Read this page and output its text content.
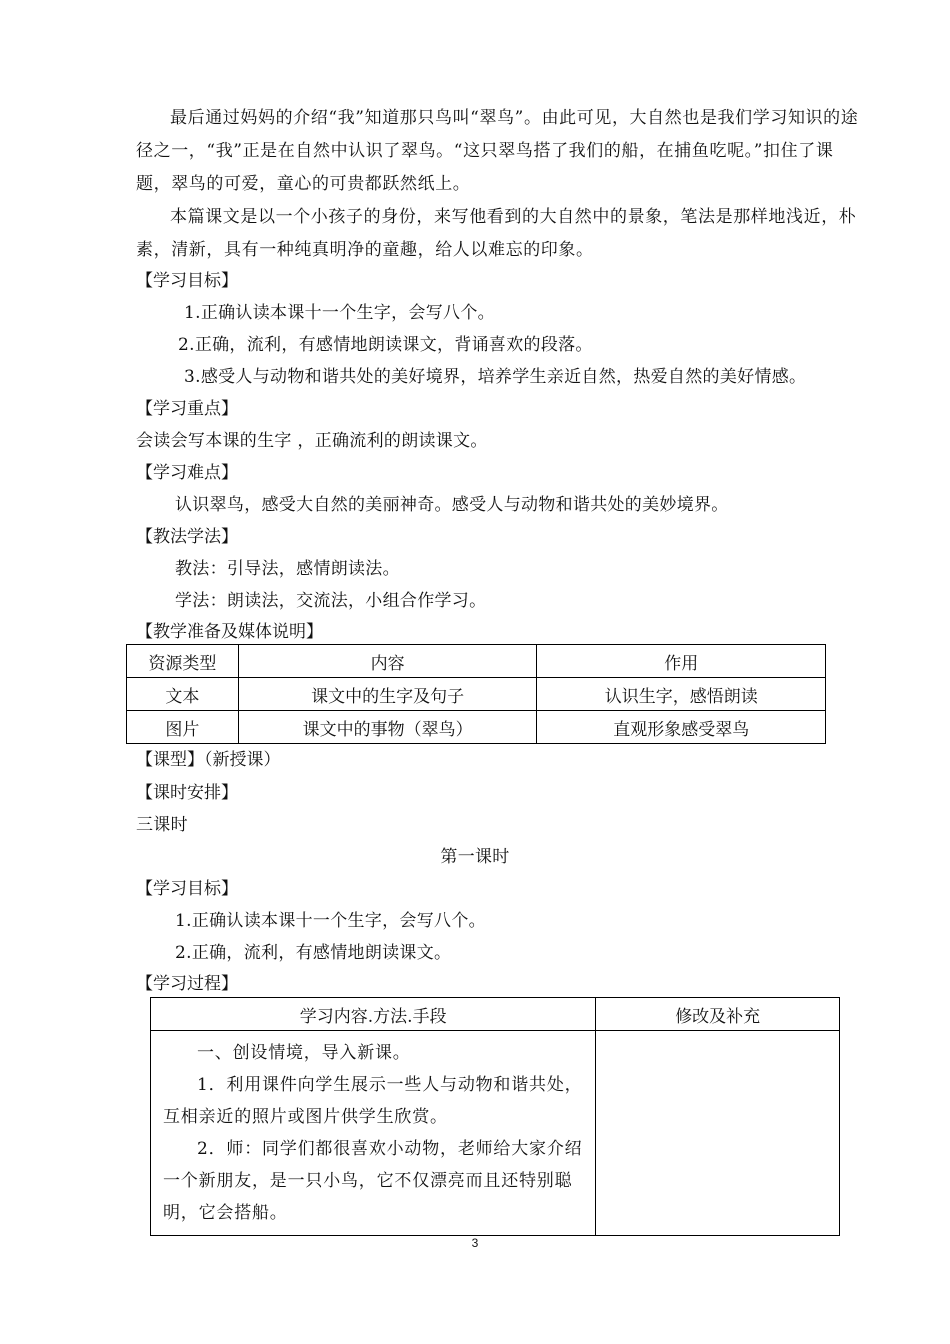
最后通过妈妈的介绍“我”知道那只鸟叫“翠鸟”。由此可见，大自然也是我们学习知识的途径之一，“我”正是在自然中认识了翠鸟。“这只翠鸟搭了我们的船，在捕鱼吃呢。”扣住了课题，翠鸟的可爱，童心的可贵都跃然纸上。
本篇课文是以一个小孩子的身份，来写他看到的大自然中的景象，笔法是那样地浅近，朴素，清新，具有一种纯真明净的童趣，给人以难忘的印象。
【学习目标】
1.正确认读本课十一个生字，会写八个。
2.正确，流利，有感情地朗读课文，背诵喜欢的段落。
3.感受人与动物和谐共处的美好境界，培养学生亲近自然，热爱自然的美好情感。
【学习重点】
会读会写本课的生字 ，正确流利的朗读课文。
【学习难点】
认识翠鸟，感受大自然的美丽神奇。感受人与动物和谐共处的美妙境界。
【教法学法】
教法：引导法，感情朗读法。
学法：朗读法，交流法，小组合作学习。
【教学准备及媒体说明】
资源类型	内容	作用
文本	课文中的生字及句子	认识生字，感悟朗读
图片	课文中的事物（翠鸟）	直观形象感受翠鸟
【课型】（新授课）
【课时安排】
三课时
第一课时
【学习目标】
1.正确认读本课十一个生字，会写八个。
2.正确，流利，有感情地朗读课文。
【学习过程】
学习内容.方法.手段	修改及补充

一、创设情境，导入新课。

1．利用课件向学生展示一些人与动物和谐共处，互相亲近的照片或图片供学生欣赏。

2．师：同学们都很喜欢小动物，老师给大家介绍一个新朋友，是一只小鸟，它不仅漂亮而且还特别聪明，它会搭船。	

3
